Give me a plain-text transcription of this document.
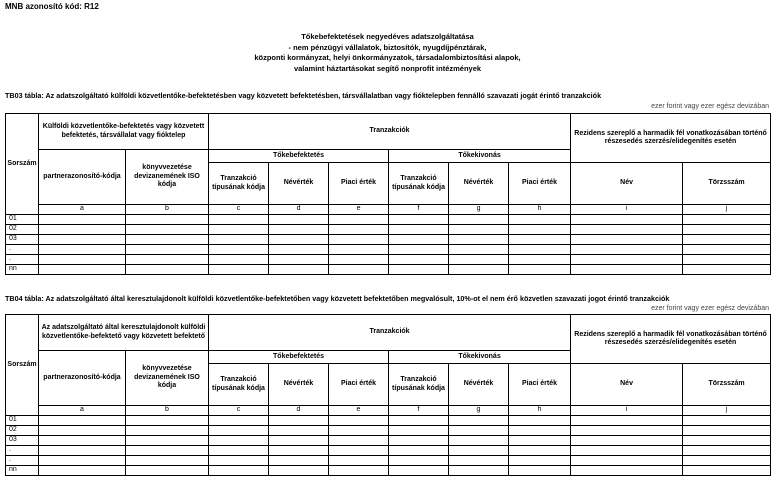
MNB azonosító kód: R12
Tőkebefektetések negyedéves adatszolgáltatása
- nem pénzügyi vállalatok, biztosítók, nyugdíjpénztárak,
központi kormányzat, helyi önkormányzatok, társadalombiztosítási alapok,
valamint háztartásokat segítő nonprofit intézmények
TB03 tábla: Az adatszolgáltató külföldi közvetlentőke-befektetésben vagy közvetett befektetésben, társvállalatban vagy fióktelepben fennálló szavazati jogát érintő tranzakciók
ezer forint vagy ezer egész devizában
Sorszám	Külföldi közvetlentőke-befektetés vagy közvetett befektetés, társvállalat vagy fióktelep		Tranzakciók						Rezidens szereplő a harmadik fél vonatkozásában történő részesedés szerzés/elidegenítés esetén	
	partnerazonosító-kódja	könyvvezetése devizanemének ISO kódja	Tőkebefektetés			Tőkekivonás				
			Tranzakció típusának kódja	Névérték	Piaci érték	Tranzakció típusának kódja	Névérték	Piaci érték	Név	Törzsszám
	a	b	c	d	e	f	g	h	i	j
01										
02										
03										
.										
.										
nn										
TB04 tábla: Az adatszolgáltató által keresztulajdonolt külföldi közvetlentőke-befektetőben vagy közvetett befektetőben megvalósult, 10%-ot el nem érő közvetlen szavazati jogot érintő tranzakciók
ezer forint vagy ezer egész devizában
Sorszám	Az adatszolgáltató által keresztulajdonolt külföldi közvetlentőke-befektető vagy közvetett befektető		Tranzakciók						Rezidens szereplő a harmadik fél vonatkozásában történő részesedés szerzés/elidegenítés esetén	
	partnerazonosító-kódja	könyvvezetése devizanemének ISO kódja	Tőkebefektetés			Tőkekivonás				
			Tranzakció típusának kódja	Névérték	Piaci érték	Tranzakció típusának kódja	Névérték	Piaci érték	Név	Törzsszám
	a	b	c	d	e	f	g	h	i	j
01										
02										
03										
.										
.										
nn										
